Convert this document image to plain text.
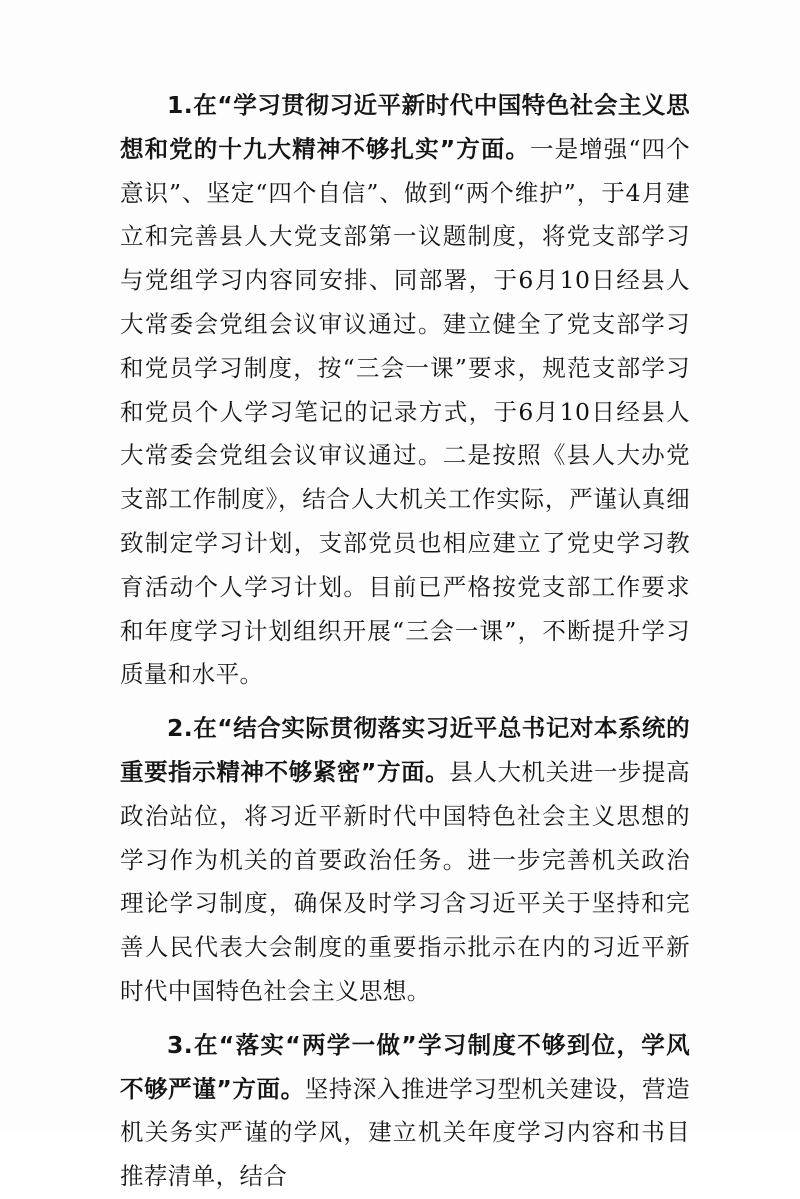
1.在“学习贯彻习近平新时代中国特色社会主义思想和党的十九大精神不够扎实”方面。一是增强“四个意识”、坚定“四个自信”、做到“两个维护”，于4月建立和完善县人大党支部第一议题制度，将党支部学习与党组学习内容同安排、同部署，于6月10日经县人大常委会党组会议审议通过。建立健全了党支部学习和党员学习制度，按“三会一课”要求，规范支部学习和党员个人学习笔记的记录方式，于6月10日经县人大常委会党组会议审议通过。二是按照《县人大办党支部工作制度》，结合人大机关工作实际，严谨认真细致制定学习计划，支部党员也相应建立了党史学习教育活动个人学习计划。目前已严格按党支部工作要求和年度学习计划组织开展“三会一课”，不断提升学习质量和水平。

2.在“结合实际贯彻落实习近平总书记对本系统的重要指示精神不够紧密”方面。县人大机关进一步提高政治站位，将习近平新时代中国特色社会主义思想的学习作为机关的首要政治任务。进一步完善机关政治理论学习制度，确保及时学习含习近平关于坚持和完善人民代表大会制度的重要指示批示在内的习近平新时代中国特色社会主义思想。

3.在“落实“两学一做”学习制度不够到位，学风不够严谨”方面。坚持深入推进学习型机关建设，营造机关务实严谨的学风，建立机关年度学习内容和书目推荐清单，结合
